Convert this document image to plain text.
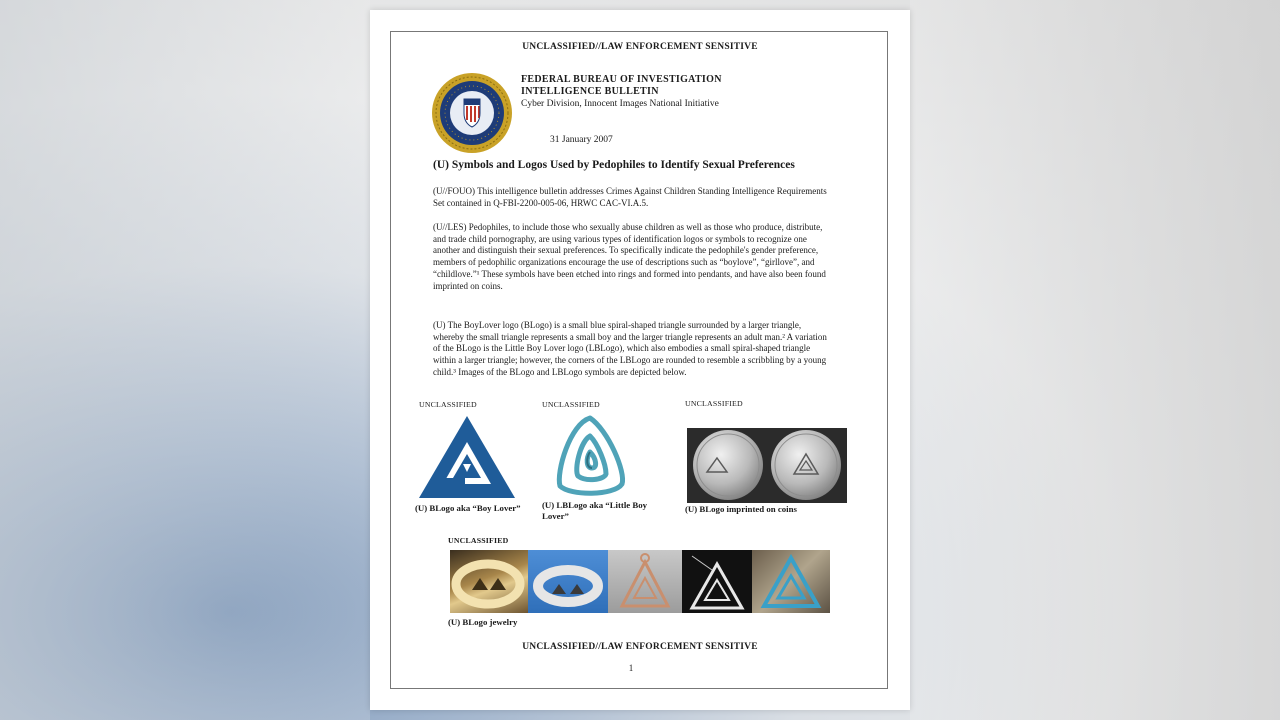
UNCLASSIFIED//LAW ENFORCEMENT SENSITIVE
FEDERAL BUREAU OF INVESTIGATION
INTELLIGENCE BULLETIN
Cyber Division, Innocent Images National Initiative
31 January 2007
(U) Symbols and Logos Used by Pedophiles to Identify Sexual Preferences
(U//FOUO) This intelligence bulletin addresses Crimes Against Children Standing Intelligence Requirements Set contained in Q-FBI-2200-005-06, HRWC CAC-VI.A.5.
(U//LES) Pedophiles, to include those who sexually abuse children as well as those who produce, distribute, and trade child pornography, are using various types of identification logos or symbols to recognize one another and distinguish their sexual preferences. To specifically indicate the pedophile's gender preference, members of pedophilic organizations encourage the use of descriptions such as “boylove”, “girllove”, and “childlove.”¹ These symbols have been etched into rings and formed into pendants, and have also been found imprinted on coins.
(U) The BoyLover logo (BLogo) is a small blue spiral-shaped triangle surrounded by a larger triangle, whereby the small triangle represents a small boy and the larger triangle represents an adult man.² A variation of the BLogo is the Little Boy Lover logo (LBLogo), which also embodies a small spiral-shaped triangle within a larger triangle; however, the corners of the LBLogo are rounded to resemble a scribbling by a young child.³ Images of the BLogo and LBLogo symbols are depicted below.
UNCLASSIFIED	UNCLASSIFIED	UNCLASSIFIED
(U) BLogo aka “Boy Lover”	(U) LBLogo aka “Little Boy Lover”
(U) BLogo imprinted on coins
UNCLASSIFIED
(U) BLogo jewelry
UNCLASSIFIED//LAW ENFORCEMENT SENSITIVE
1
